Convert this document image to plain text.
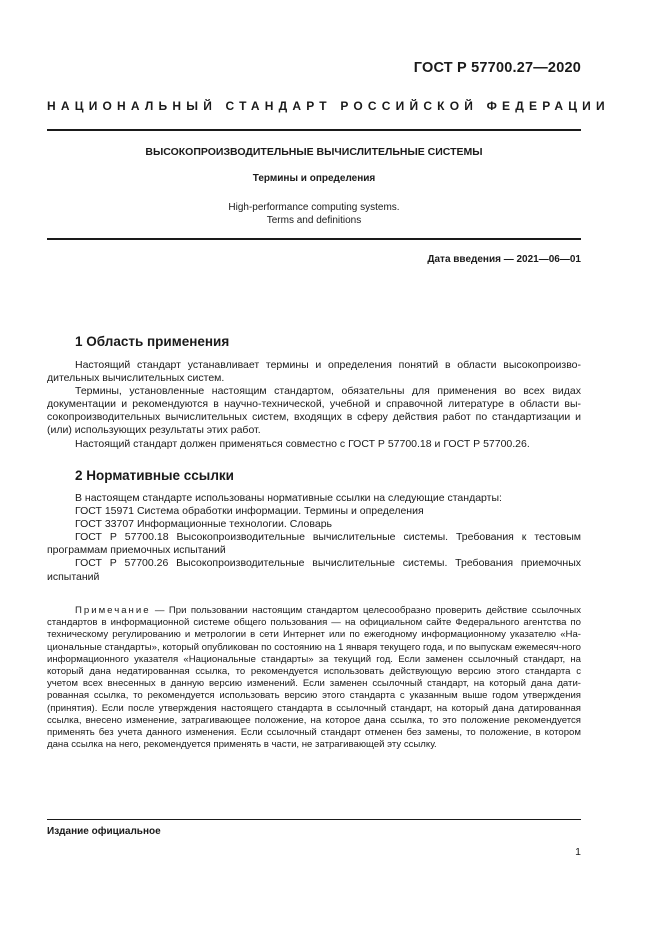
ГОСТ Р 57700.27—2020
НАЦИОНАЛЬНЫЙ СТАНДАРТ РОССИЙСКОЙ ФЕДЕРАЦИИ
ВЫСОКОПРОИЗВОДИТЕЛЬНЫЕ ВЫЧИСЛИТЕЛЬНЫЕ СИСТЕМЫ
Термины и определения
High-performance computing systems.
Terms and definitions
Дата введения — 2021—06—01
1 Область применения

Настоящий стандарт устанавливает термины и определения понятий в области высокопроизво-дительных вычислительных систем.

Термины, установленные настоящим стандартом, обязательны для применения во всех видах документации и рекомендуются в научно-технической, учебной и справочной литературе в области вы-сокопроизводительных вычислительных систем, входящих в сферу действия работ по стандартизации и (или) использующих результаты этих работ.

Настоящий стандарт должен применяться совместно с ГОСТ Р 57700.18 и ГОСТ Р 57700.26.

2 Нормативные ссылки

В настоящем стандарте использованы нормативные ссылки на следующие стандарты:

ГОСТ 15971 Система обработки информации. Термины и определения

ГОСТ 33707 Информационные технологии. Словарь

ГОСТ Р 57700.18 Высокопроизводительные вычислительные системы. Требования к тестовым программам приемочных испытаний

ГОСТ Р 57700.26 Высокопроизводительные вычислительные системы. Требования приемочных испытаний

Примечание — При пользовании настоящим стандартом целесообразно проверить действие ссылочных стандартов в информационной системе общего пользования — на официальном сайте Федерального агентства по техническому регулированию и метрологии в сети Интернет или по ежегодному информационному указателю «На-циональные стандарты», который опубликован по состоянию на 1 января текущего года, и по выпускам ежемесяч-ного информационного указателя «Национальные стандарты» за текущий год. Если заменен ссылочный стандарт, на который дана недатированная ссылка, то рекомендуется использовать действующую версию этого стандарта с учетом всех внесенных в данную версию изменений. Если заменен ссылочный стандарт, на который дана дати-рованная ссылка, то рекомендуется использовать версию этого стандарта с указанным выше годом утверждения (принятия). Если после утверждения настоящего стандарта в ссылочный стандарт, на который дана датированная ссылка, внесено изменение, затрагивающее положение, на которое дана ссылка, то это положение рекомендуется применять без учета данного изменения. Если ссылочный стандарт отменен без замены, то положение, в котором дана ссылка на него, рекомендуется применять в части, не затрагивающей эту ссылку.

Издание официальное
1
